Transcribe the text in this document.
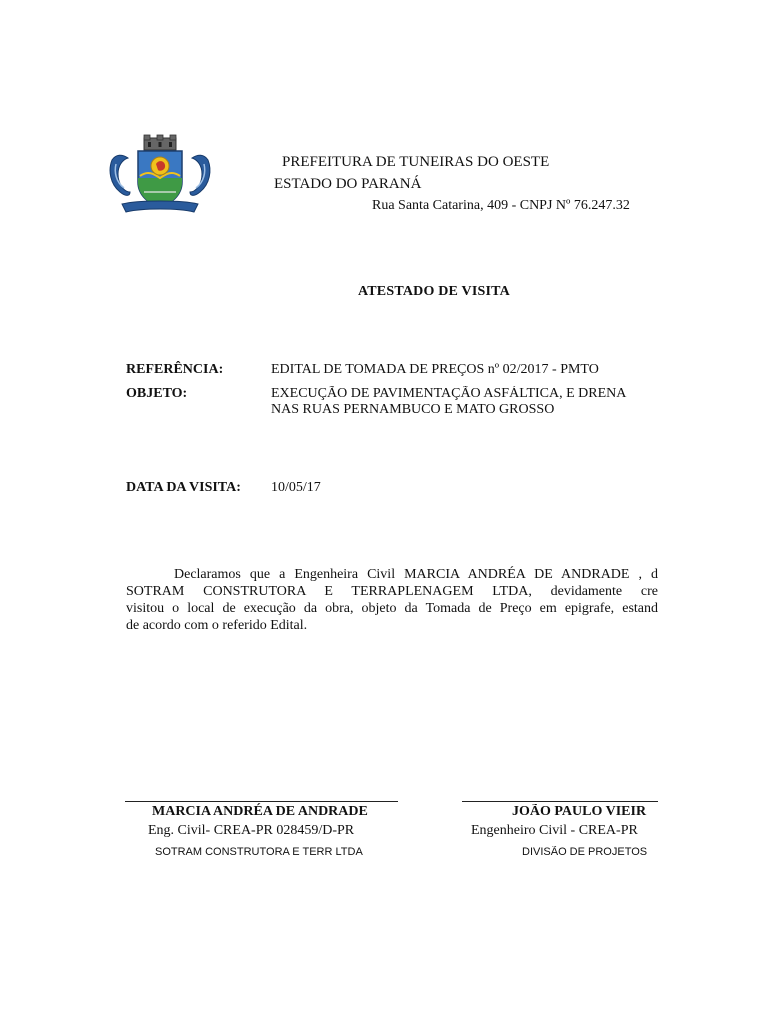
PREFEITURA DE TUNEIRAS DO OESTE
ESTADO DO PARANÁ
Rua Santa Catarina, 409 - CNPJ Nº 76.247.32
ATESTADO DE VISITA
REFERÊNCIA:	EDITAL DE TOMADA DE PREÇOS nº 02/2017 - PMTO
OBJETO:	EXECUÇÃO DE PAVIMENTAÇÃO ASFÁLTICA, E DRENA
NAS RUAS PERNAMBUCO E MATO GROSSO
DATA DA VISITA: 10/05/17

Declaramos que a Engenheira Civil MARCIA ANDRÉA DE ANDRADE , d

SOTRAM CONSTRUTORA E TERRAPLENAGEM LTDA, devidamente cre

visitou o local de execução da obra, objeto da Tomada de Preço em epigrafe, estand

de acordo com o referido Edital.

MARCIA ANDRÉA DE ANDRADE
Eng. Civil- CREA-PR 028459/D-PR
SOTRAM CONSTRUTORA E TERR LTDA
JOÃO PAULO VIEIR
Engenheiro Civil - CREA-PR
DIVISÃO DE PROJETOS
